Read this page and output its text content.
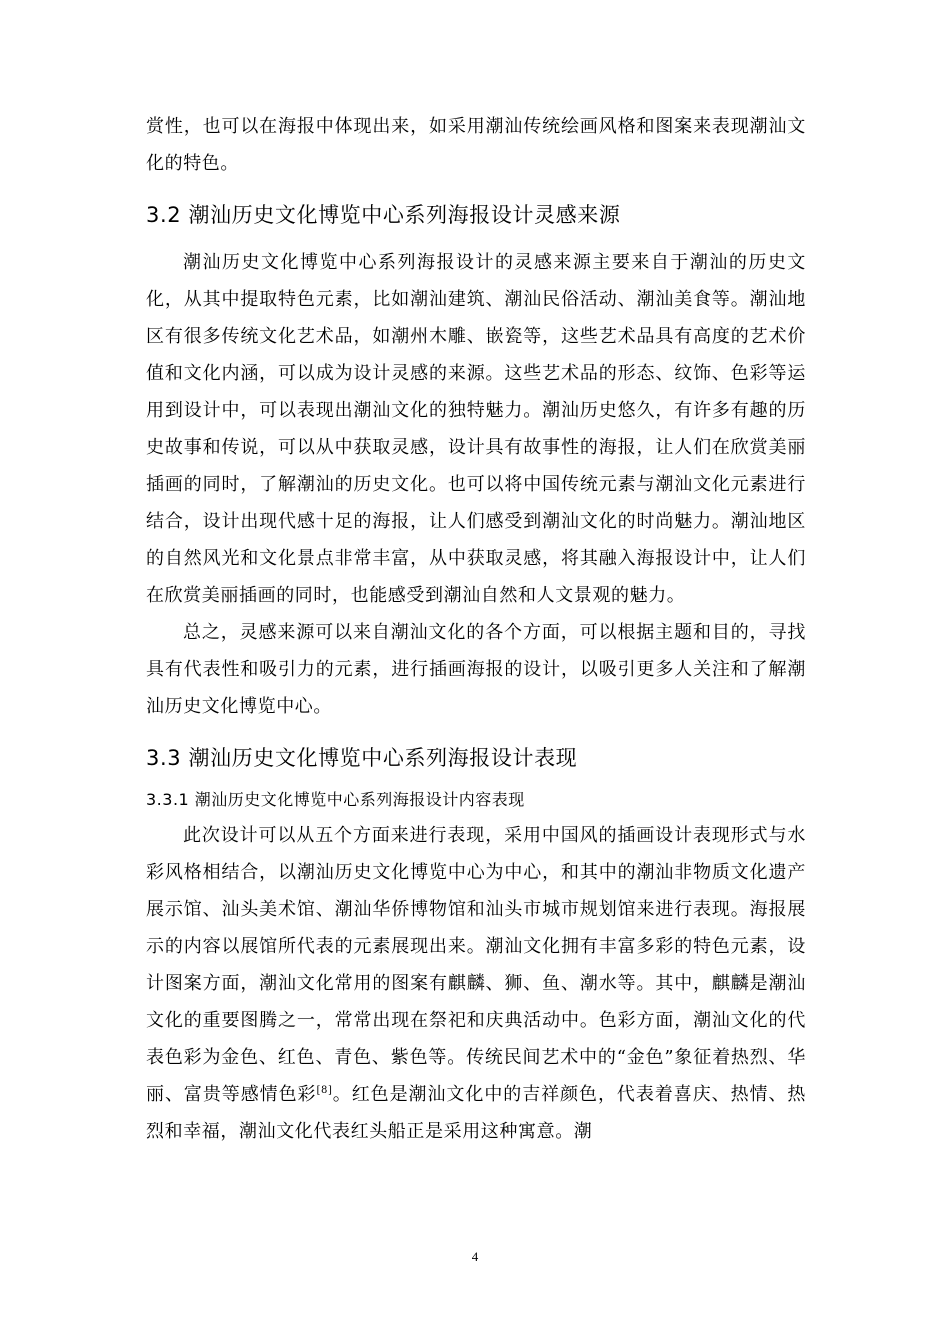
赏性，也可以在海报中体现出来，如采用潮汕传统绘画风格和图案来表现潮汕文化的特色。

3.2 潮汕历史文化博览中心系列海报设计灵感来源

潮汕历史文化博览中心系列海报设计的灵感来源主要来自于潮汕的历史文化，从其中提取特色元素，比如潮汕建筑、潮汕民俗活动、潮汕美食等。潮汕地区有很多传统文化艺术品，如潮州木雕、嵌瓷等，这些艺术品具有高度的艺术价值和文化内涵，可以成为设计灵感的来源。这些艺术品的形态、纹饰、色彩等运用到设计中，可以表现出潮汕文化的独特魅力。潮汕历史悠久，有许多有趣的历史故事和传说，可以从中获取灵感，设计具有故事性的海报，让人们在欣赏美丽插画的同时，了解潮汕的历史文化。也可以将中国传统元素与潮汕文化元素进行结合，设计出现代感十足的海报，让人们感受到潮汕文化的时尚魅力。潮汕地区的自然风光和文化景点非常丰富，从中获取灵感，将其融入海报设计中，让人们在欣赏美丽插画的同时，也能感受到潮汕自然和人文景观的魅力。

总之，灵感来源可以来自潮汕文化的各个方面，可以根据主题和目的，寻找具有代表性和吸引力的元素，进行插画海报的设计，以吸引更多人关注和了解潮汕历史文化博览中心。

3.3 潮汕历史文化博览中心系列海报设计表现
3.3.1 潮汕历史文化博览中心系列海报设计内容表现

此次设计可以从五个方面来进行表现，采用中国风的插画设计表现形式与水彩风格相结合，以潮汕历史文化博览中心为中心，和其中的潮汕非物质文化遗产展示馆、汕头美术馆、潮汕华侨博物馆和汕头市城市规划馆来进行表现。海报展示的内容以展馆所代表的元素展现出来。潮汕文化拥有丰富多彩的特色元素，设计图案方面，潮汕文化常用的图案有麒麟、狮、鱼、潮水等。其中，麒麟是潮汕文化的重要图腾之一，常常出现在祭祀和庆典活动中。色彩方面，潮汕文化的代表色彩为金色、红色、青色、紫色等。传统民间艺术中的“金色”象征着热烈、华丽、富贵等感情色彩[8]。红色是潮汕文化中的吉祥颜色，代表着喜庆、热情、热烈和幸福，潮汕文化代表红头船正是采用这种寓意。潮

4
